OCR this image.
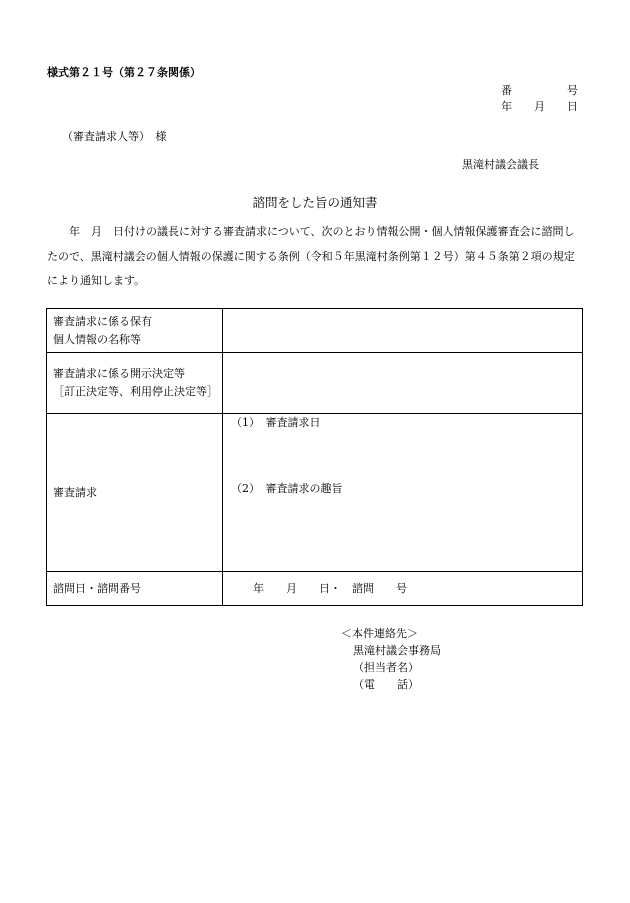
様式第２１号（第２７条関係）
番　　　　　号
年　　月　　日
（審査請求人等）　様
黒滝村議会議長
諮問をした旨の通知書
年　月　日付けの議長に対する審査請求について、次のとおり情報公開・個人情報保護審査会に諮問したので、黒滝村議会の個人情報の保護に関する条例（令和５年黒滝村条例第１２号）第４５条第２項の規定により通知します。
審査請求に係る保有
個人情報の名称等	

審査請求に係る開示決定等
［訂正決定等、利用停止決定等］	

審査請求	（1）　審査請求日
（2）　審査請求の趣旨

諮問日・諮問番号	年　　月　　日・　諮問　　号
＜本件連絡先＞
黒滝村議会事務局
（担当者名）
（電　　話）
